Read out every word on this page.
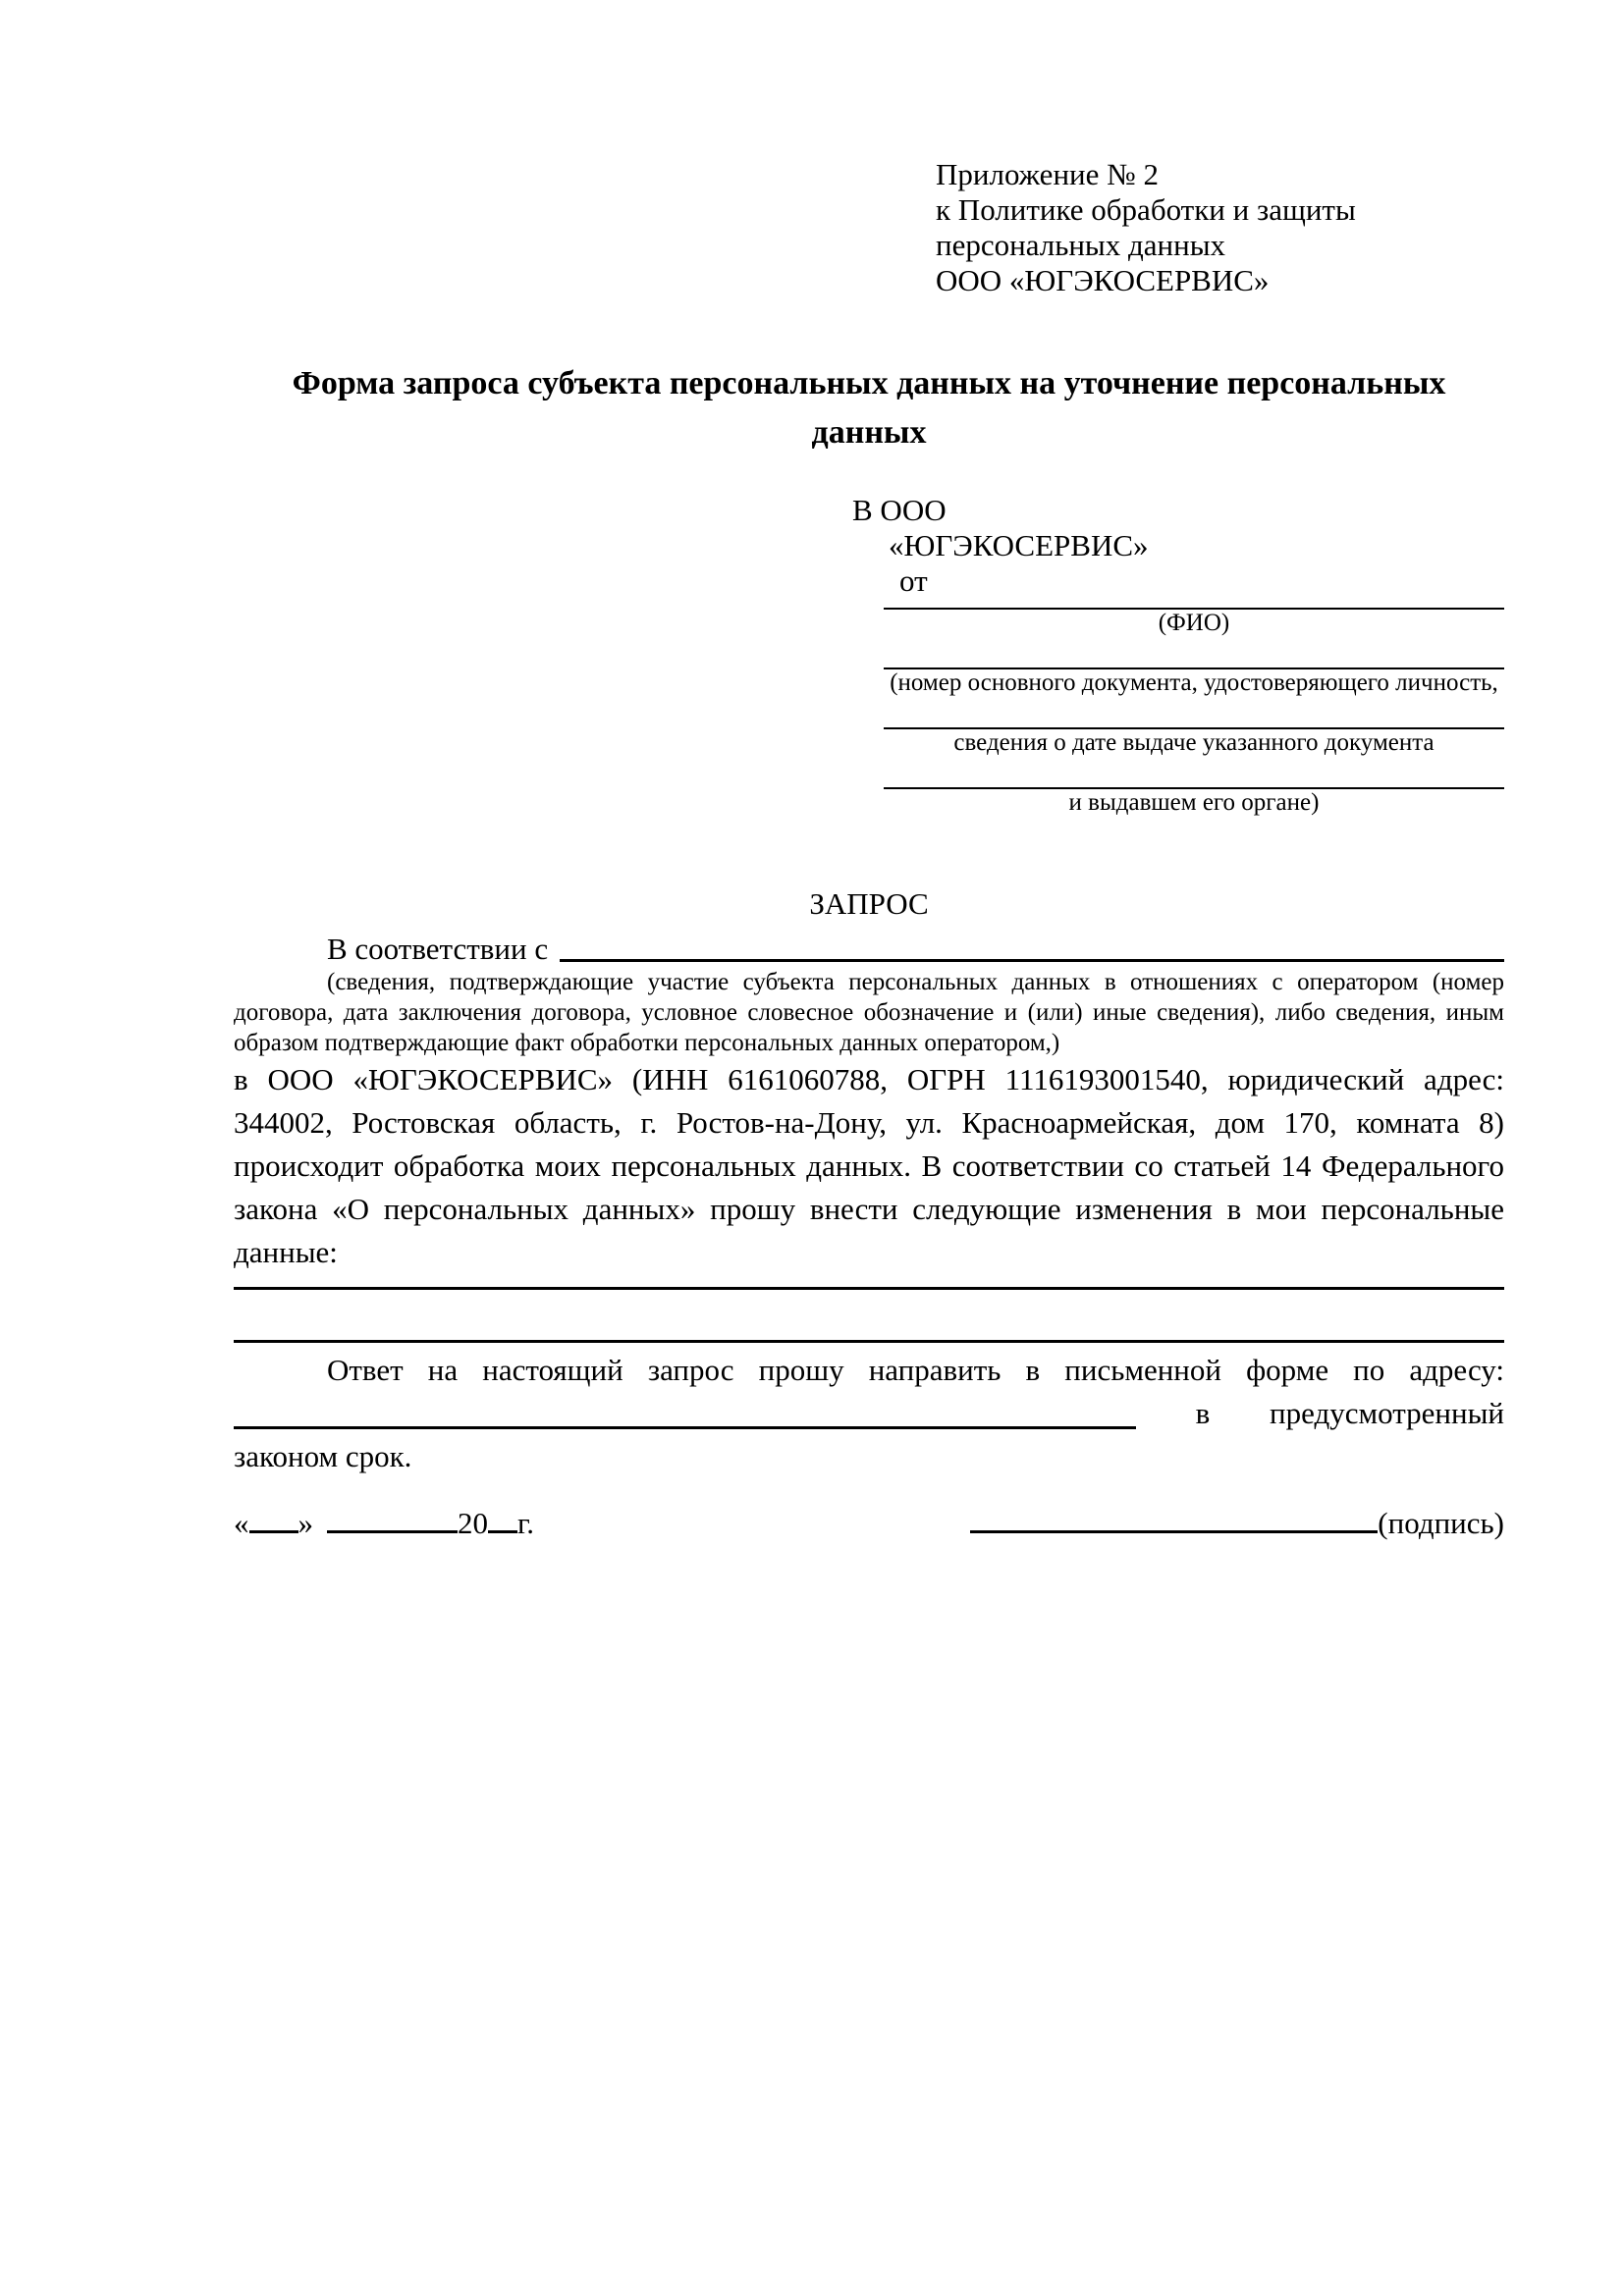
Приложение № 2
к Политике обработки и защиты персональных данных
ООО «ЮГЭКОСЕРВИС»
Форма запроса субъекта персональных данных на уточнение персональных данных
В ООО
«ЮГЭКОСЕРВИС»
от
(ФИО)
(номер основного документа, удостоверяющего личность,
сведения о дате выдаче указанного документа
и выдавшем его органе)
ЗАПРОС
В соответствии с
(сведения, подтверждающие участие субъекта персональных данных в отношениях с оператором (номер договора, дата заключения договора, условное словесное обозначение и (или) иные сведения), либо сведения, иным образом подтверждающие факт обработки персональных данных оператором,)
в ООО «ЮГЭКОСЕРВИС» (ИНН 6161060788, ОГРН 1116193001540, юридический адрес: 344002, Ростовская область, г. Ростов-на-Дону, ул. Красноармейская, дом 170, комната 8) происходит обработка моих персональных данных. В соответствии со статьей 14 Федерального закона «О персональных данных» прошу внести следующие изменения в мои персональные данные:
Ответ на настоящий запрос прошу направить в письменной форме по адресу:
в предусмотренный
законом срок.
« »	20 г.	(подпись)
